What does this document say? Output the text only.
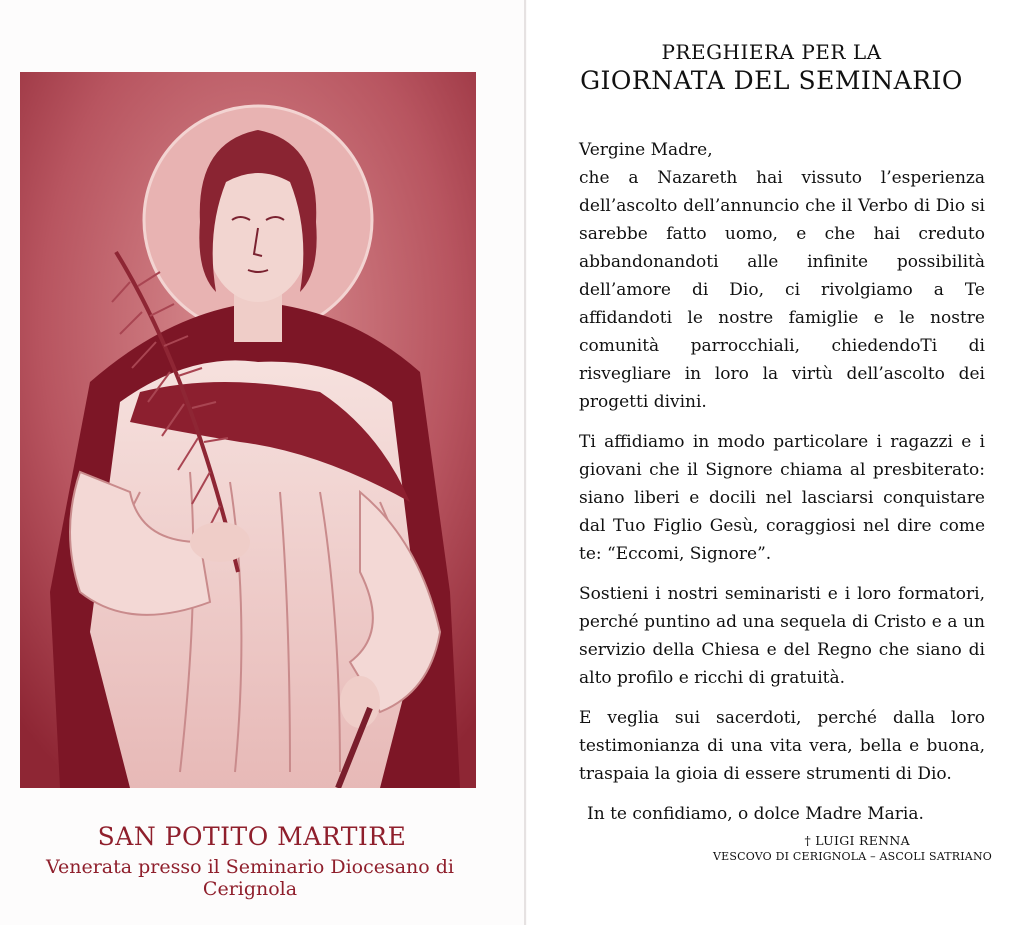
SAN POTITO MARTIRE
Venerata presso il Seminario Diocesano di Cerignola
PREGHIERA PER LA
GIORNATA DEL SEMINARIO

Vergine Madre,

che a Nazareth hai vissuto l’esperienza dell’ascolto dell’annuncio che il Verbo di Dio si sarebbe fatto uomo, e che hai creduto abbandonandoti alle infinite possibilità dell’amore di Dio, ci rivolgiamo a Te affidandoti le nostre famiglie e le nostre comunità parrocchiali, chiedendoTi di risvegliare in loro la virtù dell’ascolto dei progetti divini.

Ti affidiamo in modo particolare i ragazzi e i giovani che il Signore chiama al presbiterato: siano liberi e docili nel lasciarsi conquistare dal Tuo Figlio Gesù, coraggiosi nel dire come te: “Eccomi, Signore”.

Sostieni i nostri seminaristi e i loro formatori, perché puntino ad una sequela di Cristo e a un servizio della Chiesa e del Regno che siano di alto profilo e ricchi di gratuità.

E veglia sui sacerdoti, perché dalla loro testimonianza di una vita vera, bella e buona, traspaia la gioia di essere strumenti di Dio.

In te confidiamo, o dolce Madre Maria.

† LUIGI RENNA
VESCOVO DI CERIGNOLA – ASCOLI SATRIANO
